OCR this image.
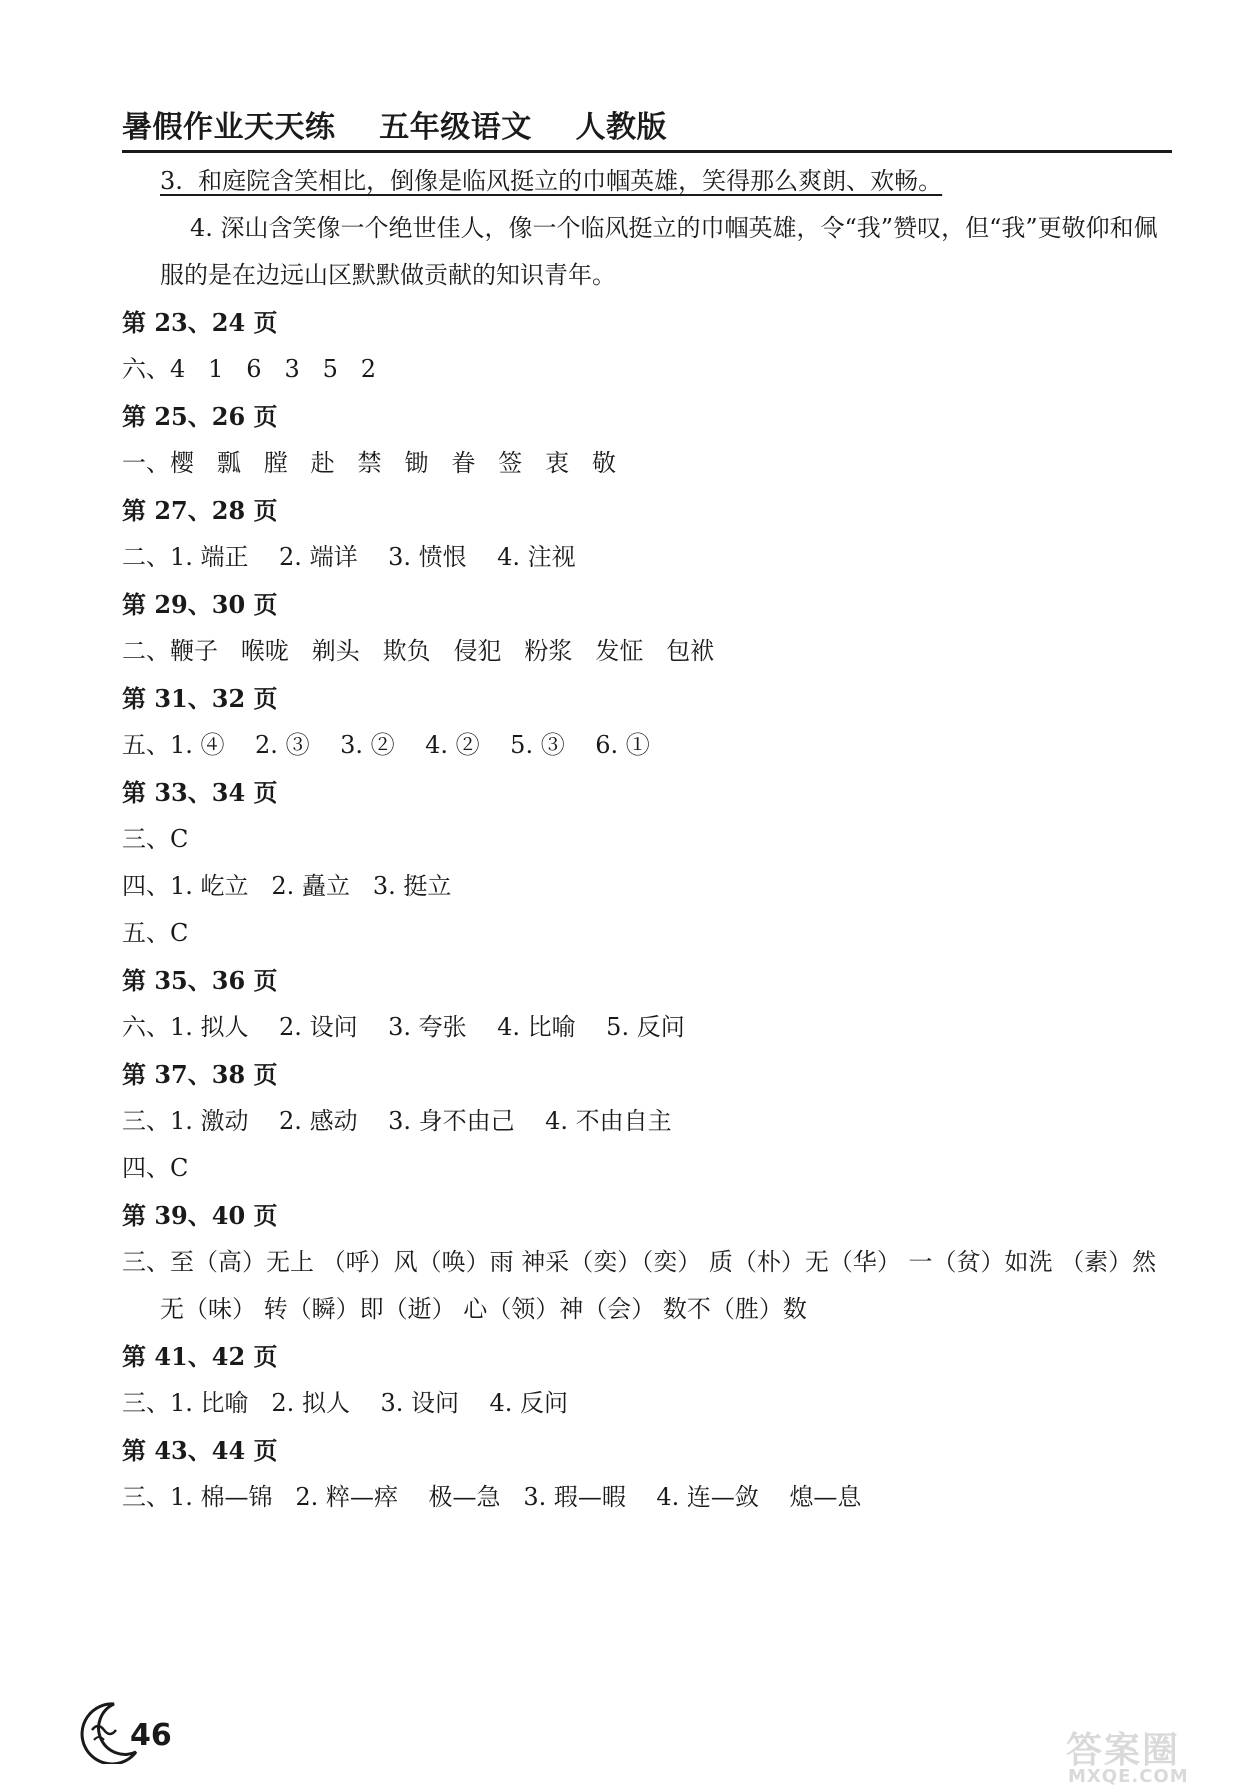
暑假作业天天练    五年级语文    人教版
3.  和庭院含笑相比，倒像是临风挺立的巾帼英雄，笑得那么爽朗、欢畅。
4. 深山含笑像一个绝世佳人，像一个临风挺立的巾帼英雄，令“我”赞叹，但“我”更敬仰和佩服的是在边远山区默默做贡献的知识青年。
第 23、24 页
六、4   1   6   3   5   2
第 25、26 页
一、樱   瓢   膛   赴   禁   锄   眷   签   衷   敬
第 27、28 页
二、1. 端正    2. 端详    3. 愤恨    4. 注视
第 29、30 页
二、鞭子   喉咙   剃头   欺负   侵犯   粉浆   发怔   包袱
第 31、32 页
五、1. ④    2. ③    3. ②    4. ②    5. ③    6. ①
第 33、34 页
三、C
四、1. 屹立   2. 矗立   3. 挺立
五、C
第 35、36 页
六、1. 拟人    2. 设问    3. 夸张    4. 比喻    5. 反问
第 37、38 页
三、1. 激动    2. 感动    3. 身不由己    4. 不由自主
四、C
第 39、40 页
三、至（高）无上 （呼）风（唤）雨 神采（奕）（奕） 质（朴）无（华） 一（贫）如洗 （素）然无（味） 转（瞬）即（逝） 心（领）神（会） 数不（胜）数
第 41、42 页
三、1. 比喻   2. 拟人    3. 设问    4. 反问
第 43、44 页
三、1. 棉—锦   2. 粹—瘁    极—急   3. 瑕—暇    4. 连—敛    熄—息
46	答案圈
MXQE.COM
